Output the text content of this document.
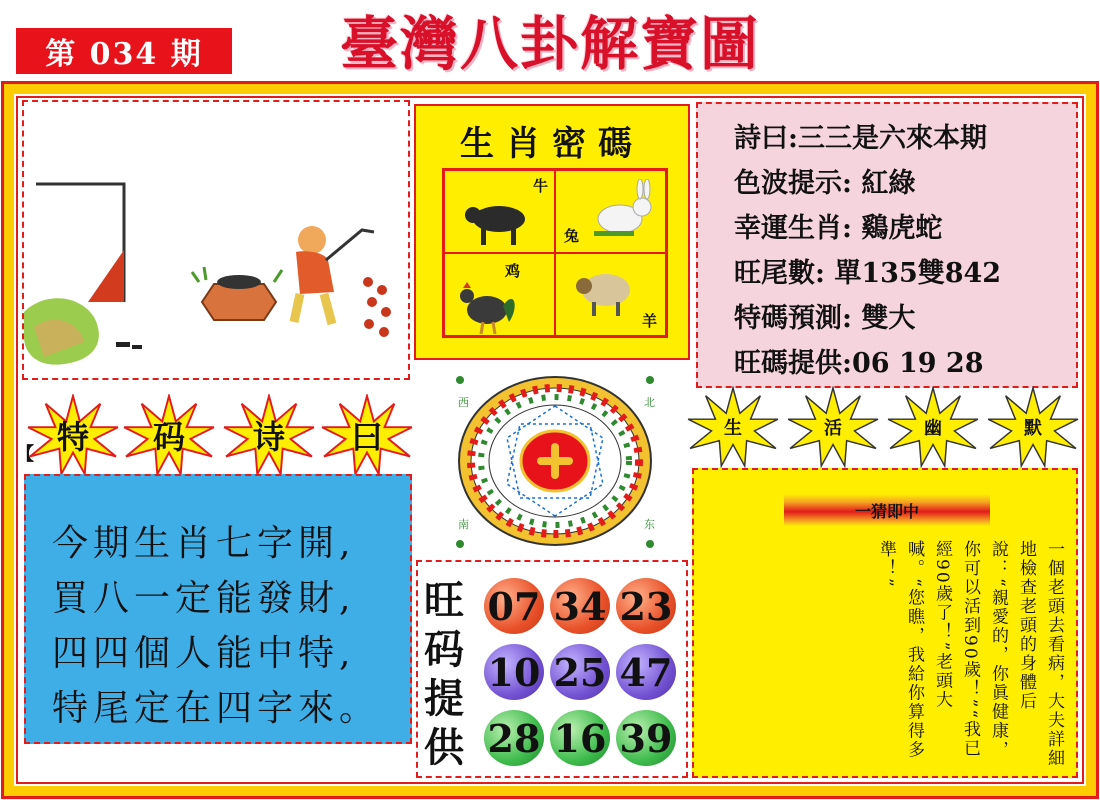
第 034 期	臺灣八卦解寶圖
生肖密碼
牛
兔
鸡
羊
詩曰:三三是六來本期
色波提示: 紅綠
幸運生肖: 鷄虎蛇
旺尾數: 單135雙842
特碼預測: 雙大
旺碼提供:06 19 28
特	码	诗	曰
【
今期生肖七字開,
買八一定能發財,
四四個人能中特,
特尾定在四字來。
西	北
东
南
旺
码
提
供
07 34 23
10 25 47
28 16 39
生	活	幽	默
一猜即中
一個老頭去看病，大夫詳細地檢查老頭的身體后說：“親愛的，你眞健康，你可以活到90歲！”“我已經90歲了！”老頭大喊。“您瞧，我給你算得多準！”
